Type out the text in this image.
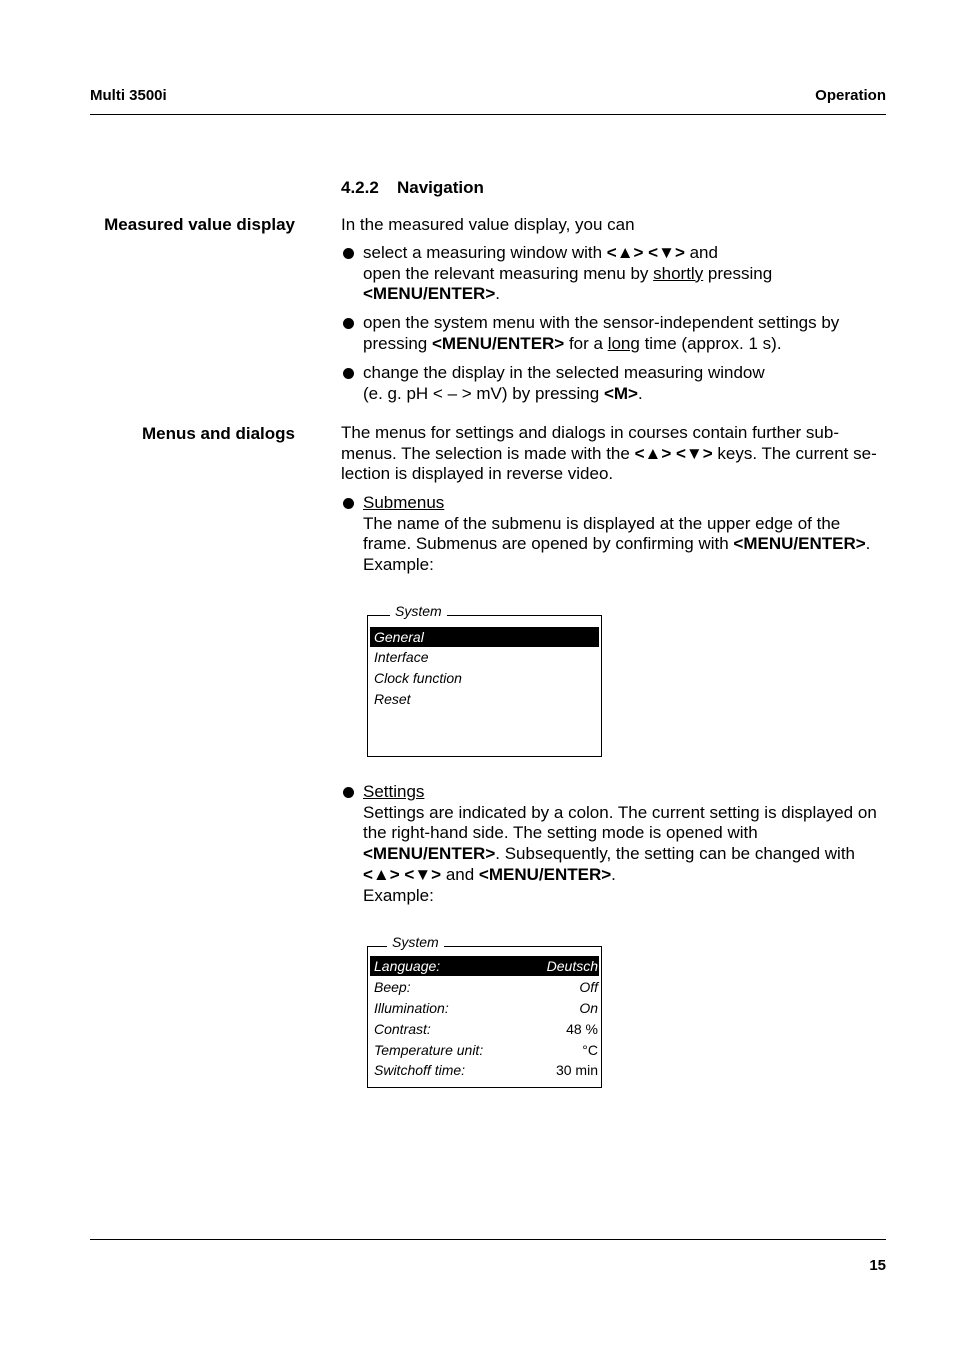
Multi 3500i	Operation
4.2.2 Navigation
Measured value display	In the measured value display, you can
select a measuring window with <▲> <▼> and
open the relevant measuring menu by shortly pressing
<MENU/ENTER>.
open the system menu with the sensor-independent settings by
pressing <MENU/ENTER> for a long time (approx. 1 s).
change the display in the selected measuring window
(e. g. pH < – > mV) by pressing <M>.
Menus and dialogs	The menus for settings and dialogs in courses contain further sub-
menus. The selection is made with the <▲> <▼> keys. The current se-
lection is displayed in reverse video.
Submenus
The name of the submenu is displayed at the upper edge of the
frame. Submenus are opened by confirming with <MENU/ENTER>.
Example:
System
General
Interface
Clock function
Reset
Settings
Settings are indicated by a colon. The current setting is displayed on
the right-hand side. The setting mode is opened with
<MENU/ENTER>. Subsequently, the setting can be changed with
<▲> <▼> and <MENU/ENTER>.
Example:
System
Language:	Deutsch
Beep:	Off
Illumination:	On
Contrast:	48 %
Temperature unit:	°C
Switchoff time:	30 min
15
